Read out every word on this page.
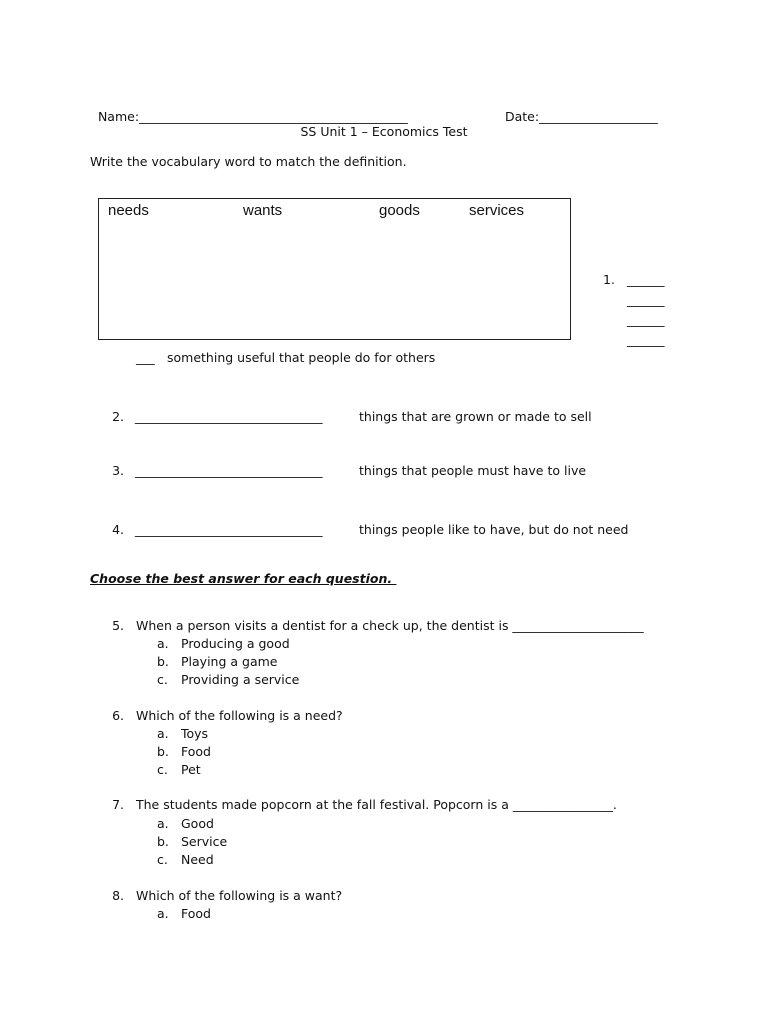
Name:___________________________________________	Date:___________________

SS Unit 1 – Economics Test
Write the vocabulary word to match the definition.
needs	wants	goods	services
1. ______
______
______
______
___ something useful that people do for others
2. ______________________________	things that are grown or made to sell
3. ______________________________	things that people must have to live
4. ______________________________	things people like to have, but do not need
Choose the best answer for each question.
5. When a person visits a dentist for a check up, the dentist is _____________________
a. Producing a good
b. Playing a game
c. Providing a service
6. Which of the following is a need?
a. Toys
b. Food
c. Pet
7. The students made popcorn at the fall festival. Popcorn is a ________________.
a. Good
b. Service
c. Need
8. Which of the following is a want?
a. Food
